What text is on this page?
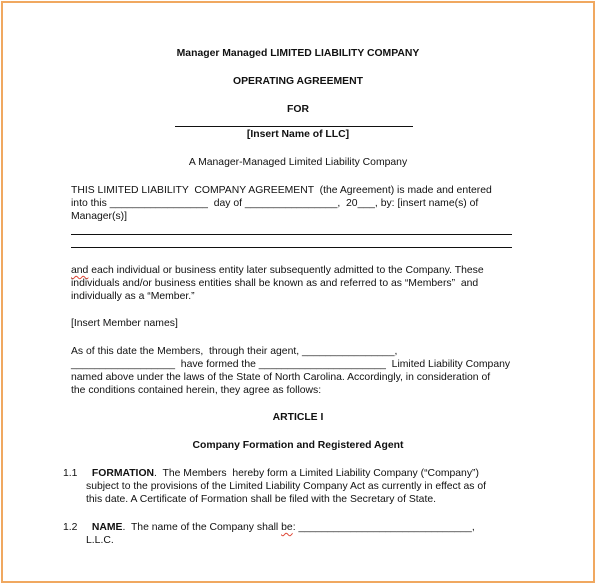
Manager Managed LIMITED LIABILITY COMPANY
OPERATING AGREEMENT
FOR
[Insert Name of LLC]
A Manager-Managed Limited Liability Company
THIS LIMITED LIABILITY  COMPANY AGREEMENT  (the Agreement) is made and entered
into this _________________  day of ________________,  20___, by: [insert name(s) of
Manager(s)]
and each individual or business entity later subsequently admitted to the Company. These
individuals and/or business entities shall be known as and referred to as “Members”  and
individually as a “Member.”
[Insert Member names]
As of this date the Members,  through their agent, ________________,
__________________  have formed the ______________________  Limited Liability Company
named above under the laws of the State of North Carolina. Accordingly, in consideration of
the conditions contained herein, they agree as follows:
ARTICLE I
Company Formation and Registered Agent
1.1 FORMATION.  The Members  hereby form a Limited Liability Company (“Company”)
subject to the provisions of the Limited Liability Company Act as currently in effect as of
this date. A Certificate of Formation shall be filed with the Secretary of State.
1.2 NAME.  The name of the Company shall be: ______________________________,
L.L.C.
